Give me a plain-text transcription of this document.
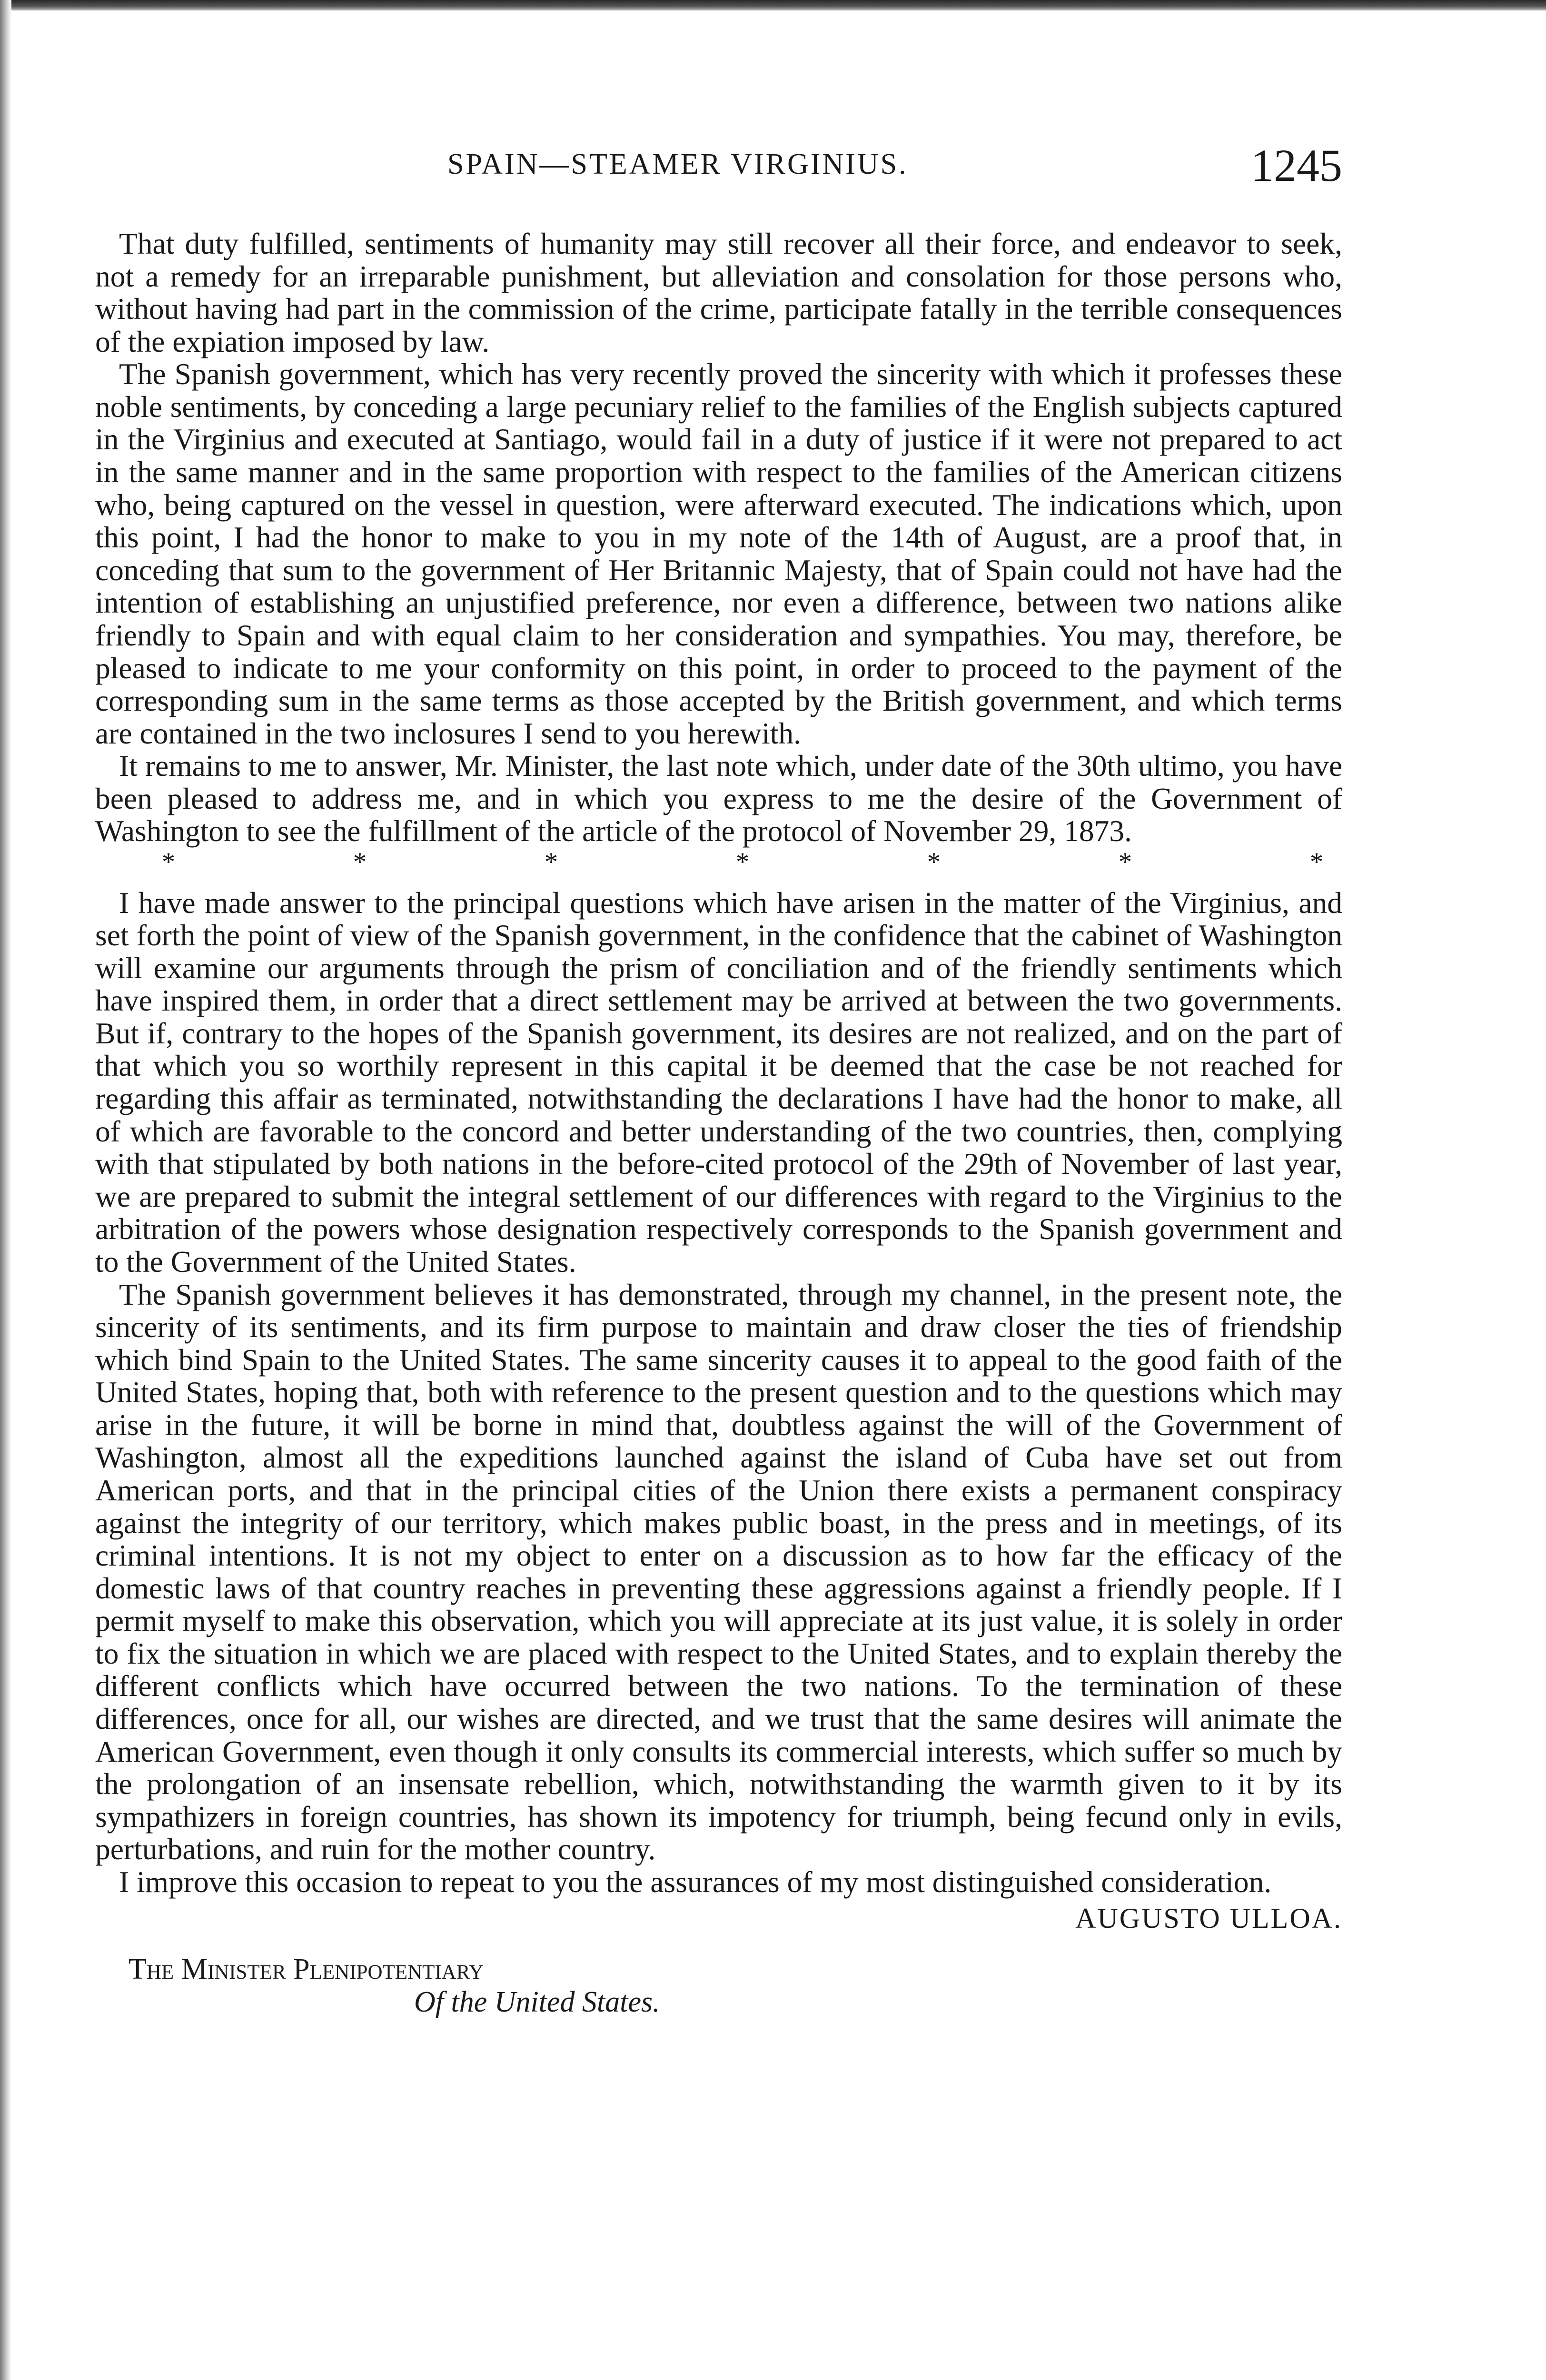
SPAIN—STEAMER VIRGINIUS.	1245

That duty fulfilled, sentiments of humanity may still recover all their force, and endeavor to seek, not a remedy for an irreparable punishment, but alleviation and consolation for those persons who, without having had part in the commission of the crime, participate fatally in the terrible consequences of the expiation imposed by law.

The Spanish government, which has very recently proved the sincerity with which it professes these noble sentiments, by conceding a large pecuniary relief to the families of the English subjects captured in the Virginius and executed at Santiago, would fail in a duty of justice if it were not prepared to act in the same manner and in the same proportion with respect to the families of the American citizens who, being captured on the vessel in question, were afterward executed. The indications which, upon this point, I had the honor to make to you in my note of the 14th of August, are a proof that, in conceding that sum to the government of Her Britannic Majesty, that of Spain could not have had the intention of establishing an unjustified preference, nor even a difference, between two nations alike friendly to Spain and with equal claim to her consideration and sympathies. You may, therefore, be pleased to indicate to me your conformity on this point, in order to proceed to the payment of the corresponding sum in the same terms as those accepted by the British government, and which terms are contained in the two inclosures I send to you herewith.

It remains to me to answer, Mr. Minister, the last note which, under date of the 30th ultimo, you have been pleased to address me, and in which you express to me the desire of the Government of Washington to see the fulfillment of the article of the protocol of November 29, 1873.

*	*	*	*	*	*	*

I have made answer to the principal questions which have arisen in the matter of the Virginius, and set forth the point of view of the Spanish government, in the confidence that the cabinet of Washington will examine our arguments through the prism of conciliation and of the friendly sentiments which have inspired them, in order that a direct settlement may be arrived at between the two governments. But if, contrary to the hopes of the Spanish government, its desires are not realized, and on the part of that which you so worthily represent in this capital it be deemed that the case be not reached for regarding this affair as terminated, notwithstanding the declarations I have had the honor to make, all of which are favorable to the concord and better understanding of the two countries, then, complying with that stipulated by both nations in the before-cited protocol of the 29th of November of last year, we are prepared to submit the integral settlement of our differences with regard to the Virginius to the arbitration of the powers whose designation respectively corresponds to the Spanish government and to the Government of the United States.

The Spanish government believes it has demonstrated, through my channel, in the present note, the sincerity of its sentiments, and its firm purpose to maintain and draw closer the ties of friendship which bind Spain to the United States. The same sincerity causes it to appeal to the good faith of the United States, hoping that, both with reference to the present question and to the questions which may arise in the future, it will be borne in mind that, doubtless against the will of the Government of Washington, almost all the expeditions launched against the island of Cuba have set out from American ports, and that in the principal cities of the Union there exists a permanent conspiracy against the integrity of our territory, which makes public boast, in the press and in meetings, of its criminal intentions. It is not my object to enter on a discussion as to how far the efficacy of the domestic laws of that country reaches in preventing these aggressions against a friendly people. If I permit myself to make this observation, which you will appreciate at its just value, it is solely in order to fix the situation in which we are placed with respect to the United States, and to explain thereby the different conflicts which have occurred between the two nations. To the termination of these differences, once for all, our wishes are directed, and we trust that the same desires will animate the American Government, even though it only consults its commercial interests, which suffer so much by the prolongation of an insensate rebellion, which, notwithstanding the warmth given to it by its sympathizers in foreign countries, has shown its impotency for triumph, being fecund only in evils, perturbations, and ruin for the mother country.

I improve this occasion to repeat to you the assurances of my most distinguished consideration.

AUGUSTO ULLOA.
The Minister Plenipotentiary
Of the United States.
